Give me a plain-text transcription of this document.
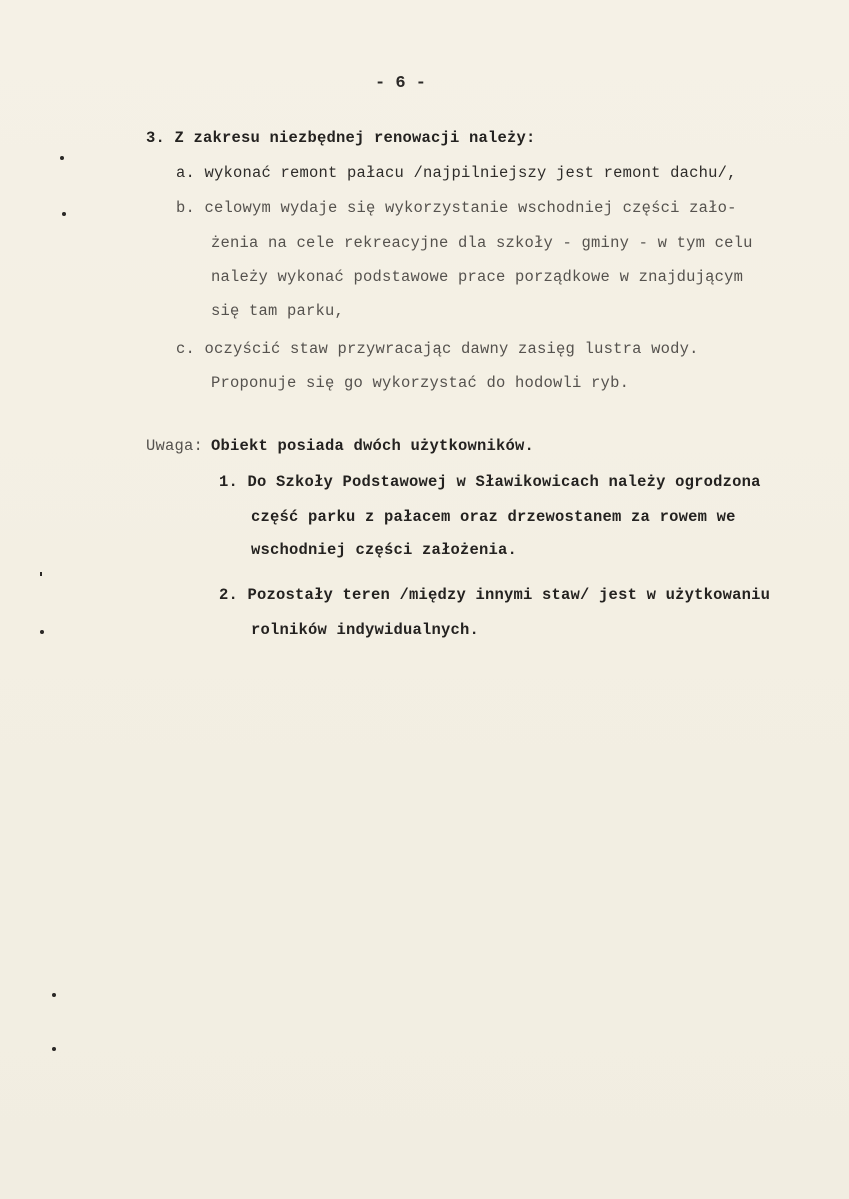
- 6 -
3. Z zakresu niezbędnej renowacji należy:
a. wykonać remont pałacu /najpilniejszy jest remont dachu/,
b. celowym wydaje się wykorzystanie wschodniej części zało-
żenia na cele rekreacyjne dla szkoły - gminy - w tym celu
należy wykonać podstawowe prace porządkowe w znajdującym
się tam parku,
c. oczyścić staw przywracając dawny zasięg lustra wody.
Proponuje się go wykorzystać do hodowli ryb.
Uwaga: Obiekt posiada dwóch użytkowników.
1. Do Szkoły Podstawowej w Sławikowicach należy ogrodzona
część parku z pałacem oraz drzewostanem za rowem we
wschodniej części założenia.
2. Pozostały teren /między innymi staw/ jest w użytkowaniu
rolników indywidualnych.
